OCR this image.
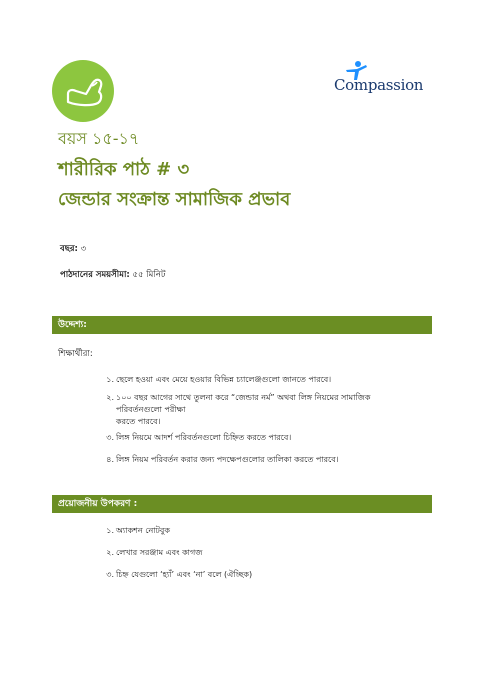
Compassion
বয়স ১৫-১৭
শারীরিক পাঠ # ৩
জেন্ডার সংক্রান্ত সামাজিক প্রভাব
বছর: ৩
পাঠদানের সময়সীমা: ৫৫ মিনিট
উদ্দেশ্য:
শিক্ষার্থীরা:
১. ছেলে হওয়া এবং মেয়ে হওয়ার বিভিন্ন চ্যালেঞ্জগুলো জানতে পারবে।
২. ১০০ বছর আগের সাথে তুলনা করে “জেন্ডার নর্ম” অথবা লিঙ্গ নিয়মের সামাজিক পরিবর্তনগুলো পরীক্ষা
করতে পারবে।
৩. লিঙ্গ নিয়মে আদর্শ পরিবর্তনগুলো চিহ্নিত করতে পারবে।
৪. লিঙ্গ নিয়ম পরিবর্তন করার জন্য পদক্ষেপগুলোর তালিকা করতে পারবে।
প্রয়োজনীয় উপকরণ :
১. অ্যাকশন নোটবুক
২. লেখার সরঞ্জাম এবং কাগজ
৩. চিহ্ন যেগুলো ‘হ্যাঁ’ এবং ‘না’ বলে (ঐচ্ছিক)
